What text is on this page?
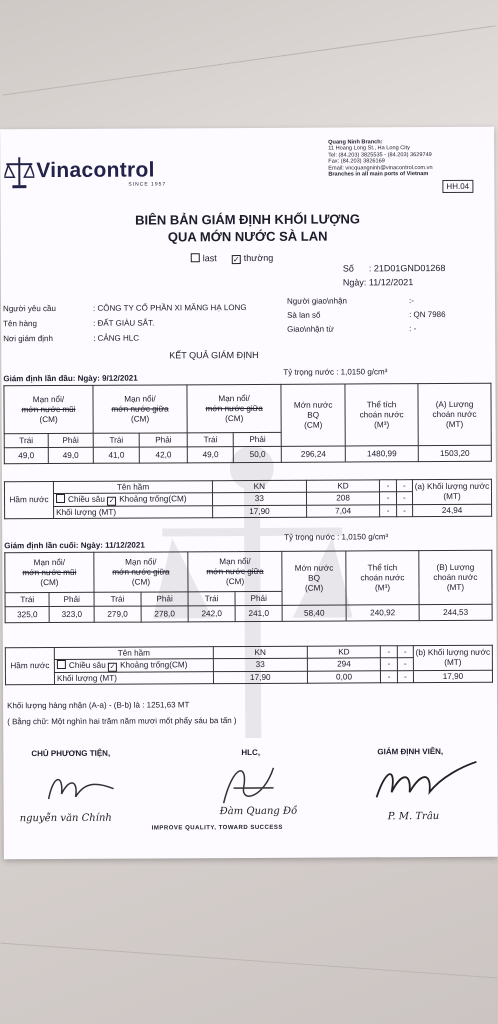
Vinacontrol
SINCE 1957
Quang Ninh Branch:
11 Hoang Long St., Ha Long City
Tel: (84.203) 3825535 - (84.203) 3629749
Fax: (84.203) 3826169
Email: vncquangninh@vinacontrol.com.vn
Branches in all main ports of Vietnam
HH.04
BIÊN BẢN GIÁM ĐỊNH KHỐI LƯỢNG
QUA MỚN NƯỚC SÀ LAN
last ✓ thường
Số : 21D01GND01268
Ngày: 11/12/2021
Người yêu cầu	: CÔNG TY CỔ PHẦN XI MĂNG HẠ LONG
Tên hàng	: ĐẤT GIÀU SẮT.
Nơi giám định	: CẢNG HLC
Người giao\nhận	:-
Sà lan số	: QN 7986
Giao\nhận từ	: -
KẾT QUẢ GIÁM ĐỊNH
Giám định lần đầu: Ngày: 9/12/2021
Tỷ trọng nước : 1,0150 g/cm³
Mạn nổi/
mớn nước mũi
(CM)		Mạn nổi/
mớn nước giữa
(CM)		Mạn nổi/
mớn nước giữa
(CM)		Mớn nước
BQ
(CM)	Thể tích
choán nước
(M³)	(A) Lượng
choán nước
(MT)
Trái	Phải	Trái	Phải	Trái	Phải			
49,0	49,0	41,0	42,0	49,0	50,0	296,24	1480,99	1503,20
Hầm nước	Tên hầm	KN	KD	-	-	(a) Khối lượng nước (MT)
	Chiều sâu ✓ Khoảng trống(CM)	33	208	-	-	
	Khối lượng (MT)	17,90	7,04	-	-	24,94
Giám định lần cuối: Ngày: 11/12/2021
Tỷ trọng nước : 1,0150 g/cm³
Mạn nổi/
mớn nước mũi
(CM)		Mạn nổi/
mớn nước giữa
(CM)		Mạn nổi/
mớn nước giữa
(CM)		Mớn nước
BQ
(CM)	Thể tích
choán nước
(M³)	(B) Lượng
choán nước
(MT)
Trái	Phải	Trái	Phải	Trái	Phải			
325,0	323,0	279,0	278,0	242,0	241,0	58,40	240,92	244,53
Hầm nước	Tên hầm	KN	KD	-	-	(b) Khối lượng nước (MT)
	Chiều sâu ✓ Khoảng trống(CM)	33	294	-	-	
	Khối lượng (MT)	17,90	0,00	-	-	17,90
Khối lượng hàng nhận (A-a) - (B-b) là : 1251,63 MT
( Bằng chữ: Một nghìn hai trăm năm mươi mốt phẩy sáu ba tấn )
CHỦ PHƯƠNG TIỆN,	HLC,	GIÁM ĐỊNH VIÊN,
nguyễn văn Chính
Đàm Quang Đồ	P. M. Trâu
IMPROVE QUALITY, TOWARD SUCCESS
